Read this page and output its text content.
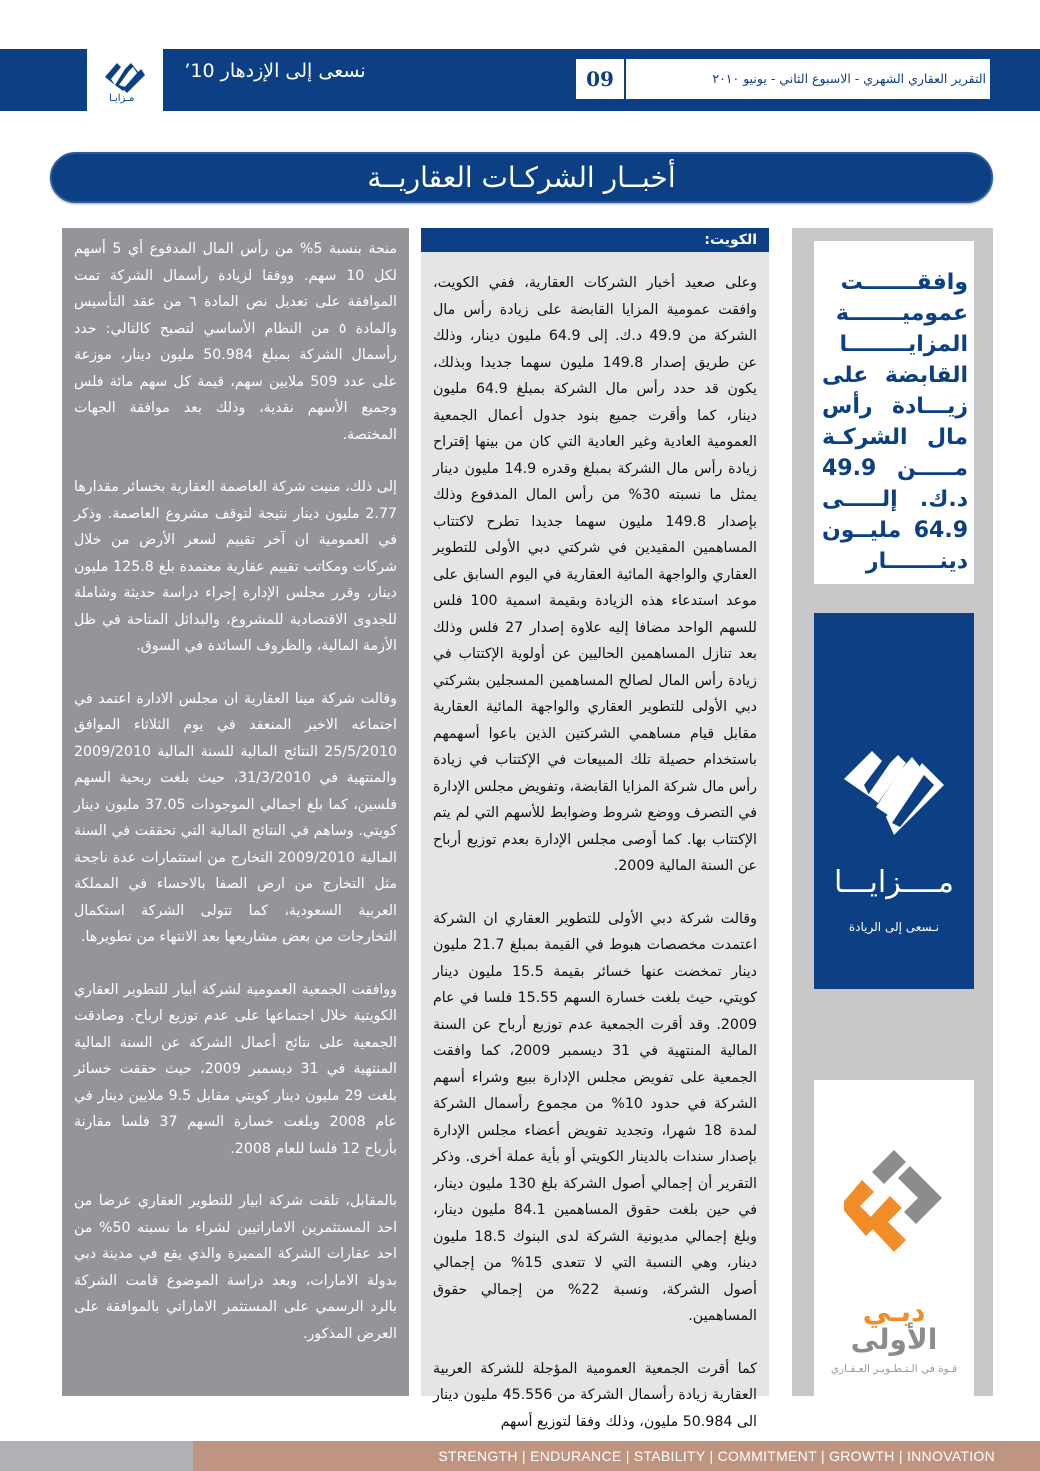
مـزايـا
نسعى إلى الإزدهار 10’	09	التقرير العقاري الشهري - الاسبوع الثاني - يونيو ٢٠١٠
أخبــار الشركـات العقاريــة

منحة بنسبة 5% من رأس المال المدفوع أي 5 أسهم لكل 10 سهم. ووفقا لزيادة رأسمال الشركة تمت الموافقة على تعديل نص المادة ٦ من عقد التأسيس والمادة ٥ من النظام الأساسي لتصبح كالتالي: حدد رأسمال الشركة بمبلغ 50.984 مليون دينار، موزعة على عدد 509 ملايين سهم، قيمة كل سهم مائة فلس وجميع الأسهم نقدية، وذلك بعد موافقة الجهات المختصة.

إلى ذلك، منيت شركة العاصمة العقارية بخسائر مقدارها 2.77 مليون دينار نتيجة لتوقف مشروع العاصمة. وذكر في العمومية ان آخر تقييم لسعر الأرض من خلال شركات ومكاتب تقييم عقارية معتمدة بلغ 125.8 مليون دينار، وقرر مجلس الإدارة إجراء دراسة حديثة وشاملة للجدوى الاقتصادية للمشروع، والبدائل المتاحة في ظل الأزمة المالية، والظروف السائدة في السوق.

وقالت شركة مينا العقارية ان مجلس الادارة اعتمد في اجتماعه الاخير المنعقد في يوم الثلاثاء الموافق 25/5/2010 النتائج المالية للسنة المالية 2009/2010 والمنتهية في 31/3/2010، حيث بلغت ربحية السهم فلسين، كما بلغ اجمالي الموجودات 37.05 مليون دينار كويتي. وساهم في النتائج المالية التي تحققت في السنة المالية 2009/2010 التخارج من استثمارات عدة ناجحة مثل التخارج من ارض الصفا بالاحساء في المملكة العربية السعودية، كما تتولى الشركة استكمال التخارجات من بعض مشاريعها بعد الانتهاء من تطويرها.

ووافقت الجمعية العمومية لشركة أبيار للتطوير العقاري الكويتية خلال اجتماعها على عدم توزيع ارباح. وصادقت الجمعية على نتائج أعمال الشركة عن السنة المالية المنتهية في 31 ديسمبر 2009، حيث حققت خسائر بلغت 29 مليون دينار كويتي مقابل 9.5 ملايين دينار في عام 2008 وبلغت خسارة السهم 37 فلسا مقارنة بأرباح 12 فلسا للعام 2008.

بالمقابل، تلقت شركة ابيار للتطوير العقاري عرضا من احد المستثمرين الاماراتيين لشراء ما نسبته 50% من احد عقارات الشركة المميزة والذي يقع في مدينة دبي بدولة الامارات، وبعد دراسة الموضوع قامت الشركة بالرد الرسمي على المستثمر الاماراتي بالموافقة على العرض المذكور.

الكويت:

وعلى صعيد أخبار الشركات العقارية، ففي الكويت، وافقت عمومية المزايا القابضة على زيادة رأس مال الشركة من 49.9 د.ك. إلى 64.9 مليون دينار، وذلك عن طريق إصدار 149.8 مليون سهما جديدا وبذلك، يكون قد حدد رأس مال الشركة بمبلغ 64.9 مليون دينار، كما وأقرت جميع بنود جدول أعمال الجمعية العمومية العادية وغير العادية التي كان من بينها إقتراح زيادة رأس مال الشركة بمبلغ وقدره 14.9 مليون دينار يمثل ما نسبته 30% من رأس المال المدفوع وذلك بإصدار 149.8 مليون سهما جديدا تطرح لاكتتاب المساهمين المقيدين في شركتي دبي الأولى للتطوير العقاري والواجهة المائية العقارية في اليوم السابق على موعد استدعاء هذه الزيادة وبقيمة اسمية 100 فلس للسهم الواحد مضافا إليه علاوة إصدار 27 فلس وذلك بعد تنازل المساهمين الحاليين عن أولوية الإكتتاب في زيادة رأس المال لصالح المساهمين المسجلين بشركتي دبي الأولى للتطوير العقاري والواجهة المائية العقارية مقابل قيام مساهمي الشركتين الذين باعوا أسهمهم باستخدام حصيلة تلك المبيعات في الإكتتاب في زيادة رأس مال شركة المزايا القابضة، وتفويض مجلس الإدارة في التصرف ووضع شروط وضوابط للأسهم التي لم يتم الإكتتاب بها. كما أوصى مجلس الإدارة بعدم توزيع أرباح عن السنة المالية 2009.

وقالت شركة دبي الأولى للتطوير العقاري ان الشركة اعتمدت مخصصات هبوط في القيمة بمبلغ 21.7 مليون دينار تمخضت عنها خسائر بقيمة 15.5 مليون دينار كويتي، حيث بلغت خسارة السهم 15.55 فلسا في عام 2009. وقد أقرت الجمعية عدم توزيع أرباح عن السنة المالية المنتهية في 31 ديسمبر 2009، كما وافقت الجمعية على تفويض مجلس الإدارة ببيع وشراء أسهم الشركة في حدود 10% من مجموع رأسمال الشركة لمدة 18 شهرا، وتجديد تفويض أعضاء مجلس الإدارة بإصدار سندات بالدينار الكويتي أو بأية عملة أخرى. وذكر التقرير أن إجمالي أصول الشركة بلغ 130 مليون دينار، في حين بلغت حقوق المساهمين 84.1 مليون دينار، وبلغ إجمالي مديونية الشركة لدى البنوك 18.5 مليون دينار، وهي النسبة التي لا تتعدى 15% من إجمالي أصول الشركة، ونسبة 22% من إجمالي حقوق المساهمين.

كما أقرت الجمعية العمومية المؤجلة للشركة العربية العقارية زيادة رأسمال الشركة من 45.556 مليون دينار الى 50.984 مليون، وذلك وفقا لتوزيع أسهم

وافقـــــــت عموميـــــــة المزايــــــــا القابضة على زيـــادة رأس مال الشركـة مـــــن 49.9 د.ك. إلـــــى 64.9 مليــون دينـــــــار
مــــزايـــا
نـسعى إلى الريادة
دبـي
الأولى
قـوة في الـتـطـويـر العـقـاري
STRENGTH | ENDURANCE | STABILITY | COMMITMENT | GROWTH | INNOVATION
